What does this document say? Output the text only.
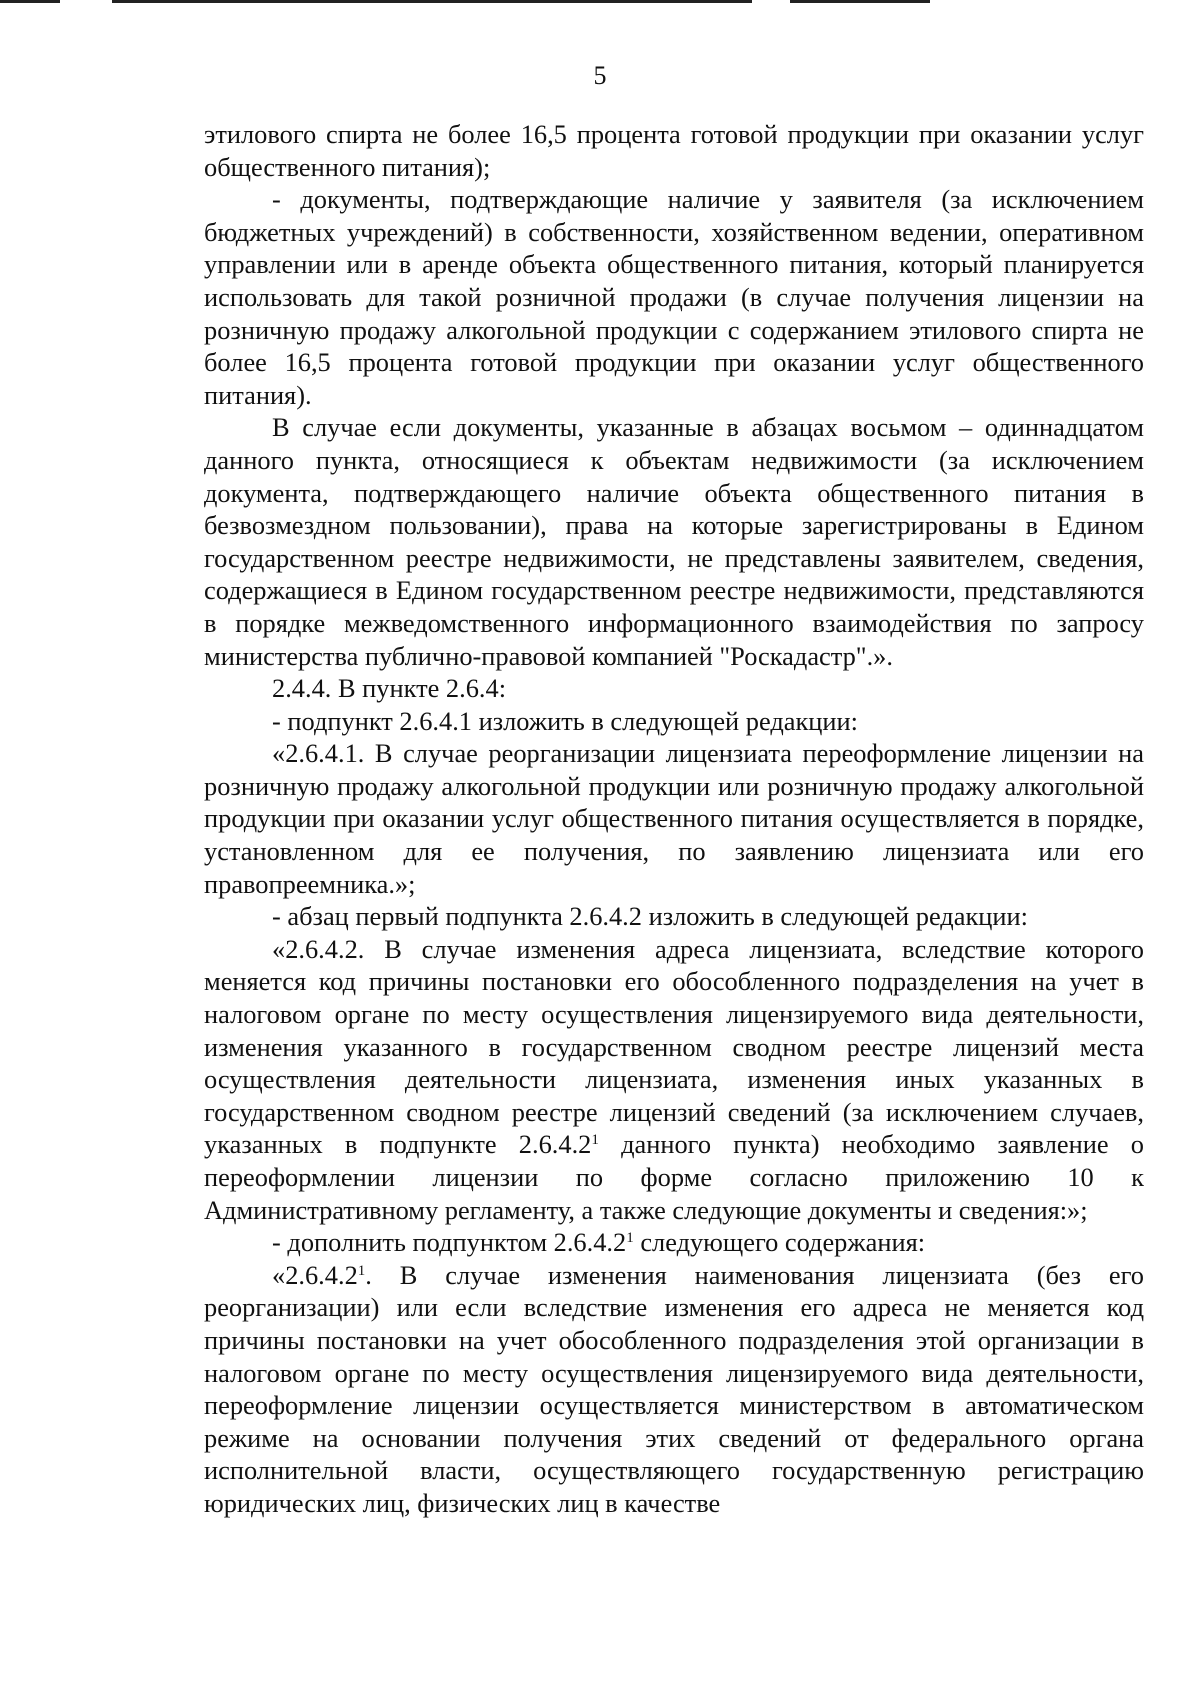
5

этилового спирта не более 16,5 процента готовой продукции при оказании услуг общественного питания);

- документы, подтверждающие наличие у заявителя (за исключением бюджетных учреждений) в собственности, хозяйственном ведении, оперативном управлении или в аренде объекта общественного питания, который планируется использовать для такой розничной продажи (в случае получения лицензии на розничную продажу алкогольной продукции с содержанием этилового спирта не более 16,5 процента готовой продукции при оказании услуг общественного питания).

В случае если документы, указанные в абзацах восьмом – одиннадцатом данного пункта, относящиеся к объектам недвижимости (за исключением документа, подтверждающего наличие объекта общественного питания в безвозмездном пользовании), права на которые зарегистрированы в Едином государственном реестре недвижимости, не представлены заявителем, сведения, содержащиеся в Едином государственном реестре недвижимости, представляются в порядке межведомственного информационного взаимодействия по запросу министерства публично-правовой компанией "Роскадастр".».

2.4.4. В пункте 2.6.4:

- подпункт 2.6.4.1 изложить в следующей редакции:

«2.6.4.1. В случае реорганизации лицензиата переоформление лицензии на розничную продажу алкогольной продукции или розничную продажу алкогольной продукции при оказании услуг общественного питания осуществляется в порядке, установленном для ее получения, по заявлению лицензиата или его правопреемника.»;

- абзац первый подпункта 2.6.4.2 изложить в следующей редакции:

«2.6.4.2. В случае изменения адреса лицензиата, вследствие которого меняется код причины постановки его обособленного подразделения на учет в налоговом органе по месту осуществления лицензируемого вида деятельности, изменения указанного в государственном сводном реестре лицензий места осуществления деятельности лицензиата, изменения иных указанных в государственном сводном реестре лицензий сведений (за исключением случаев, указанных в подпункте 2.6.4.2$^1$ данного пункта) необходимо заявление о переоформлении лицензии по форме согласно приложению 10 к Административному регламенту, а также следующие документы и сведения:»;

- дополнить подпунктом 2.6.4.2$^1$ следующего содержания:

«2.6.4.2$^1$. В случае изменения наименования лицензиата (без его реорганизации) или если вследствие изменения его адреса не меняется код причины постановки на учет обособленного подразделения этой организации в налоговом органе по месту осуществления лицензируемого вида деятельности, переоформление лицензии осуществляется министерством в автоматическом режиме на основании получения этих сведений от федерального органа исполнительной власти, осуществляющего государственную регистрацию юридических лиц, физических лиц в качестве
